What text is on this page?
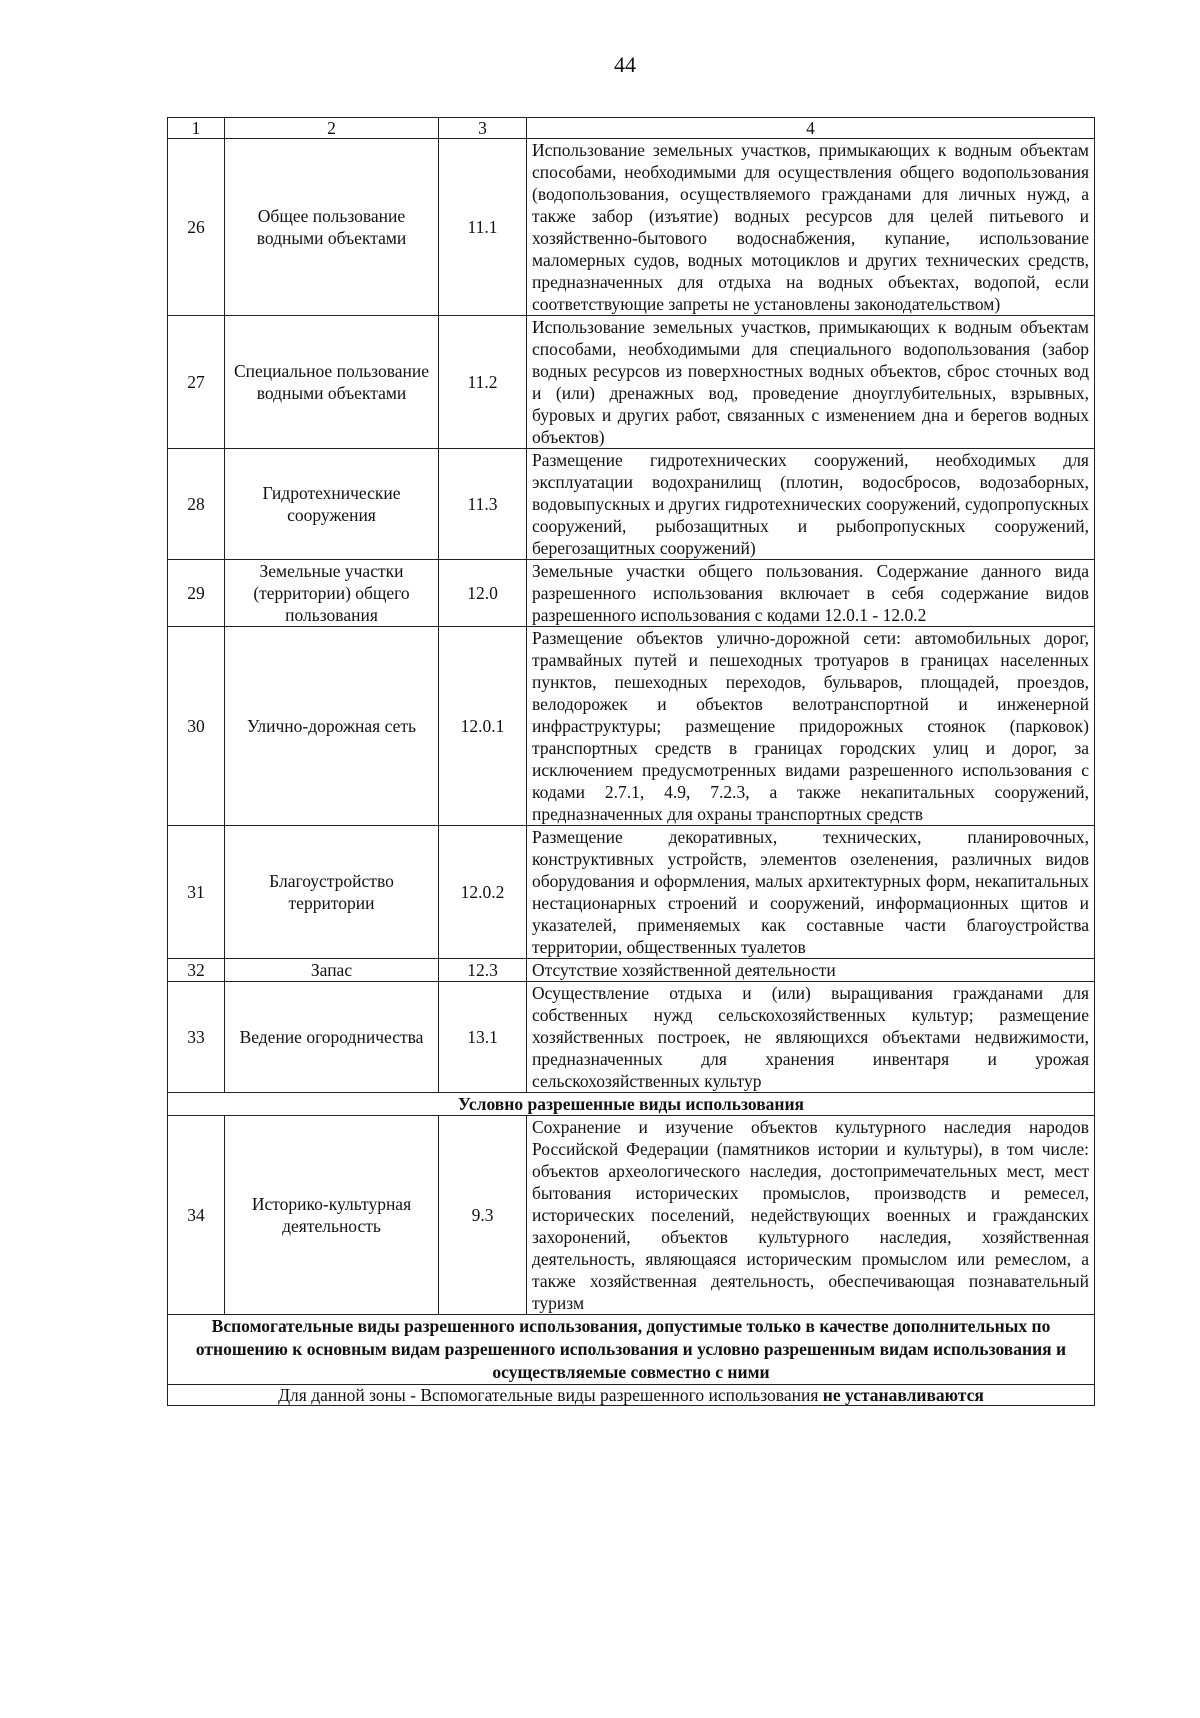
44
1	2	3	4
26	Общее пользование водными объектами	11.1	Использование земельных участков, примыкающих к водным объектам способами, необходимыми для осуществления общего водопользования (водопользования, осуществляемого гражданами для личных нужд, а также забор (изъятие) водных ресурсов для целей питьевого и хозяйственно-бытового водоснабжения, купание, использование маломерных судов, водных мотоциклов и других технических средств, предназначенных для отдыха на водных объектах, водопой, если соответствующие запреты не установлены законодательством)
27	Специальное пользование водными объектами	11.2	Использование земельных участков, примыкающих к водным объектам способами, необходимыми для специального водопользования (забор водных ресурсов из поверхностных водных объектов, сброс сточных вод и (или) дренажных вод, проведение дноуглубительных, взрывных, буровых и других работ, связанных с изменением дна и берегов водных объектов)
28	Гидротехнические сооружения	11.3	Размещение гидротехнических сооружений, необходимых для эксплуатации водохранилищ (плотин, водосбросов, водозаборных, водовыпускных и других гидротехнических сооружений, судопропускных сооружений, рыбозащитных и рыбопропускных сооружений, берегозащитных сооружений)
29	Земельные участки (территории) общего пользования	12.0	Земельные участки общего пользования. Содержание данного вида разрешенного использования включает в себя содержание видов разрешенного использования с кодами 12.0.1 - 12.0.2
30	Улично-дорожная сеть	12.0.1	Размещение объектов улично-дорожной сети: автомобильных дорог, трамвайных путей и пешеходных тротуаров в границах населенных пунктов, пешеходных переходов, бульваров, площадей, проездов, велодорожек и объектов велотранспортной и инженерной инфраструктуры; размещение придорожных стоянок (парковок) транспортных средств в границах городских улиц и дорог, за исключением предусмотренных видами разрешенного использования с кодами 2.7.1, 4.9, 7.2.3, а также некапитальных сооружений, предназначенных для охраны транспортных средств
31	Благоустройство территории	12.0.2	Размещение декоративных, технических, планировочных, конструктивных устройств, элементов озеленения, различных видов оборудования и оформления, малых архитектурных форм, некапитальных нестационарных строений и сооружений, информационных щитов и указателей, применяемых как составные части благоустройства территории, общественных туалетов
32	Запас	12.3	Отсутствие хозяйственной деятельности
33	Ведение огородничества	13.1	Осуществление отдыха и (или) выращивания гражданами для собственных нужд сельскохозяйственных культур; размещение хозяйственных построек, не являющихся объектами недвижимости, предназначенных для хранения инвентаря и урожая сельскохозяйственных культур
Условно разрешенные виды использования			
34	Историко-культурная деятельность	9.3	Сохранение и изучение объектов культурного наследия народов Российской Федерации (памятников истории и культуры), в том числе: объектов археологического наследия, достопримечательных мест, мест бытования исторических промыслов, производств и ремесел, исторических поселений, недействующих военных и гражданских захоронений, объектов культурного наследия, хозяйственная деятельность, являющаяся историческим промыслом или ремеслом, а также хозяйственная деятельность, обеспечивающая познавательный туризм
Вспомогательные виды разрешенного использования, допустимые только в качестве дополнительных по отношению к основным видам разрешенного использования и условно разрешенным видам использования и осуществляемые совместно с ними			
Для данной зоны - Вспомогательные виды разрешенного использования не устанавливаются			
